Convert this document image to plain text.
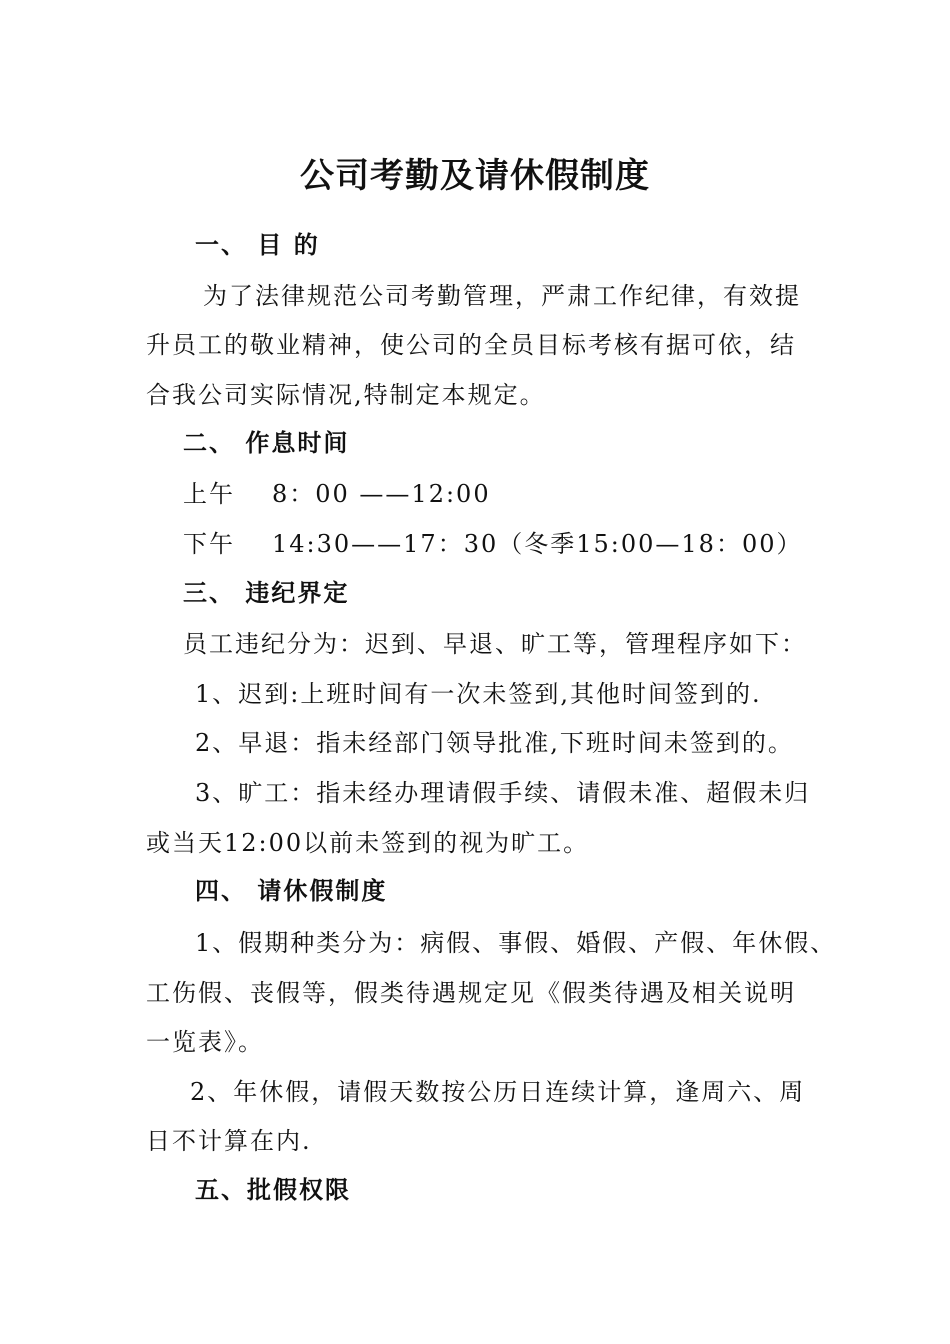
公司考勤及请休假制度
一、 目 的
为了法律规范公司考勤管理，严肃工作纪律，有效提
升员工的敬业精神，使公司的全员目标考核有据可依，结
合我公司实际情况,特制定本规定。
二、 作息时间
上午 8：00 ——12:00
下午 14:30——17：30（冬季15:00—18：00）
三、 违纪界定
员工违纪分为：迟到、早退、旷工等，管理程序如下：
1、迟到:上班时间有一次未签到,其他时间签到的.
2、早退：指未经部门领导批准,下班时间未签到的。
3、旷工：指未经办理请假手续、请假未准、超假未归
或当天12:00以前未签到的视为旷工。
四、 请休假制度
1、假期种类分为：病假、事假、婚假、产假、年休假、
工伤假、丧假等，假类待遇规定见《假类待遇及相关说明
一览表》。
2、年休假，请假天数按公历日连续计算，逢周六、周
日不计算在内.
五、批假权限
